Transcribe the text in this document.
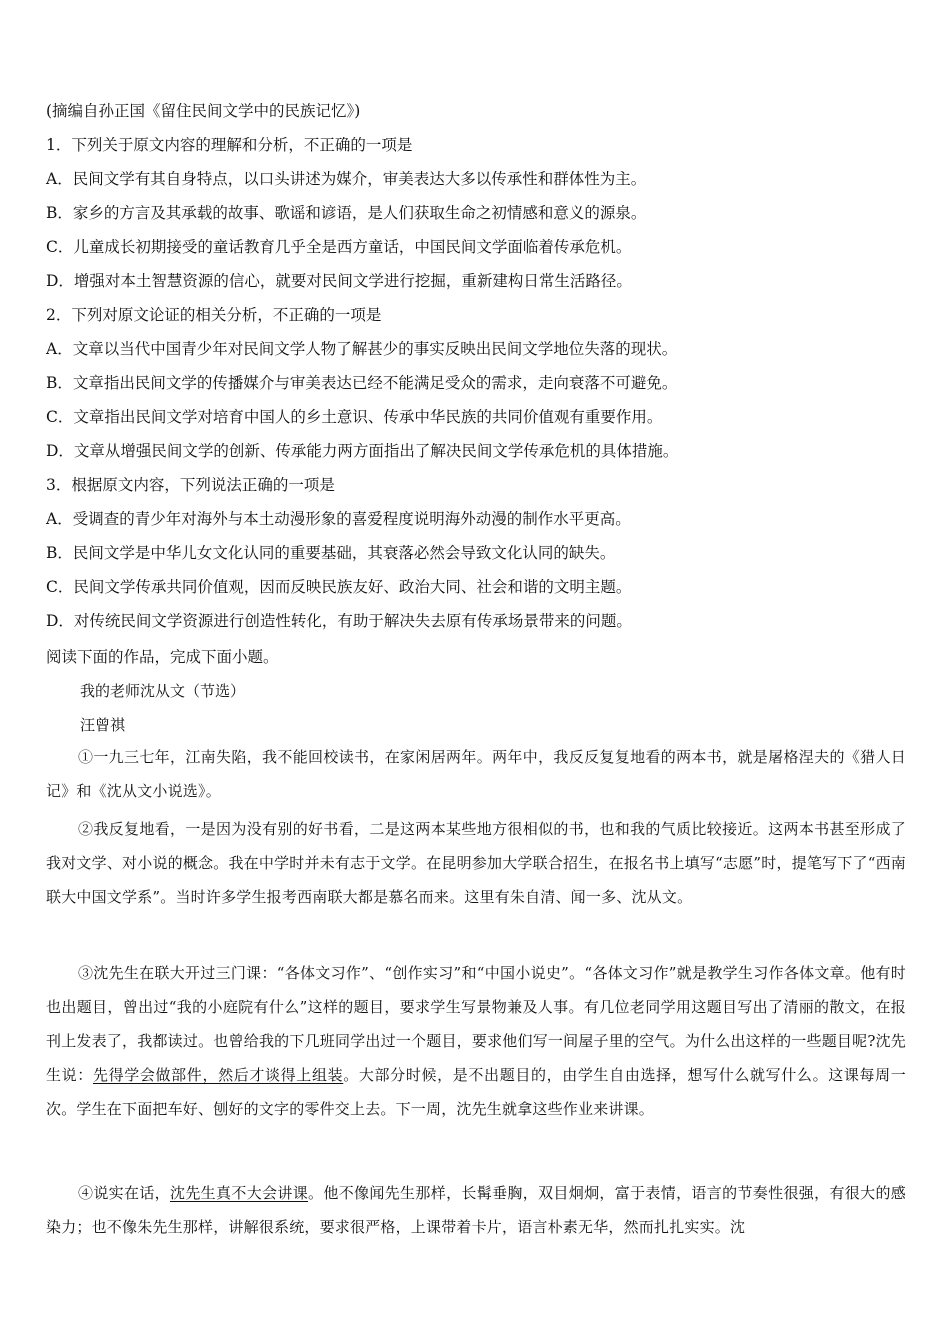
(摘编自孙正国《留住民间文学中的民族记忆》)
1．下列关于原文内容的理解和分析，不正确的一项是
A．民间文学有其自身特点，以口头讲述为媒介，审美表达大多以传承性和群体性为主。
B．家乡的方言及其承载的故事、歌谣和谚语，是人们获取生命之初情感和意义的源泉。
C．儿童成长初期接受的童话教育几乎全是西方童话，中国民间文学面临着传承危机。
D．增强对本土智慧资源的信心，就要对民间文学进行挖掘，重新建构日常生活路径。
2．下列对原文论证的相关分析，不正确的一项是
A．文章以当代中国青少年对民间文学人物了解甚少的事实反映出民间文学地位失落的现状。
B．文章指出民间文学的传播媒介与审美表达已经不能满足受众的需求，走向衰落不可避免。
C．文章指出民间文学对培育中国人的乡土意识、传承中华民族的共同价值观有重要作用。
D．文章从增强民间文学的创新、传承能力两方面指出了解决民间文学传承危机的具体措施。
3．根据原文内容，下列说法正确的一项是
A．受调查的青少年对海外与本土动漫形象的喜爱程度说明海外动漫的制作水平更高。
B．民间文学是中华儿女文化认同的重要基础，其衰落必然会导致文化认同的缺失。
C．民间文学传承共同价值观，因而反映民族友好、政治大同、社会和谐的文明主题。
D．对传统民间文学资源进行创造性转化，有助于解决失去原有传承场景带来的问题。
阅读下面的作品，完成下面小题。
我的老师沈从文（节选）
汪曾祺
①一九三七年，江南失陷，我不能回校读书，在家闲居两年。两年中，我反反复复地看的两本书，就是屠格涅夫的《猎人日记》和《沈从文小说选》。
②我反复地看，一是因为没有别的好书看，二是这两本某些地方很相似的书，也和我的气质比较接近。这两本书甚至形成了我对文学、对小说的概念。我在中学时并未有志于文学。在昆明参加大学联合招生，在报名书上填写“志愿”时，提笔写下了“西南联大中国文学系”。当时许多学生报考西南联大都是慕名而来。这里有朱自清、闻一多、沈从文。
③沈先生在联大开过三门课：“各体文习作”、“创作实习”和“中国小说史”。“各体文习作”就是教学生习作各体文章。他有时也出题目，曾出过“我的小庭院有什么”这样的题目，要求学生写景物兼及人事。有几位老同学用这题目写出了清丽的散文，在报刊上发表了，我都读过。也曾给我的下几班同学出过一个题目，要求他们写一间屋子里的空气。为什么出这样的一些题目呢?沈先生说：先得学会做部件，然后才谈得上组装。大部分时候，是不出题目的，由学生自由选择，想写什么就写什么。这课每周一次。学生在下面把车好、刨好的文字的零件交上去。下一周，沈先生就拿这些作业来讲课。
④说实在话，沈先生真不大会讲课。他不像闻先生那样，长髯垂胸，双目炯炯，富于表情，语言的节奏性很强，有很大的感染力；也不像朱先生那样，讲解很系统，要求很严格，上课带着卡片，语言朴素无华，然而扎扎实实。沈
